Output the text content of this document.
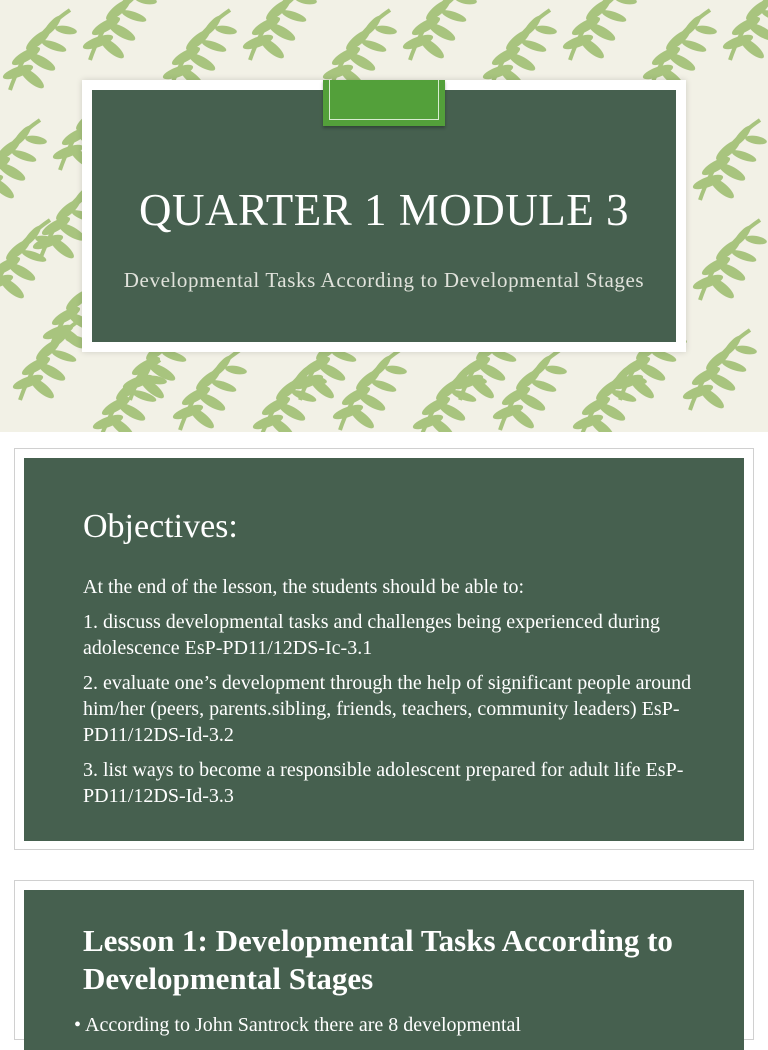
QUARTER 1 MODULE 3
Developmental Tasks According to Developmental Stages
Objectives:

At the end of the lesson, the students should be able to:

1. discuss developmental tasks and challenges being experienced during adolescence EsP-PD11/12DS-Ic-3.1

2. evaluate one’s development through the help of significant people around him/her (peers, parents.sibling, friends, teachers, community leaders) EsP-PD11/12DS-Id-3.2

3. list ways to become a responsible adolescent prepared for adult life EsP-PD11/12DS-Id-3.3

Lesson 1: Developmental Tasks According to Developmental Stages
• According to John Santrock there are 8 developmental
